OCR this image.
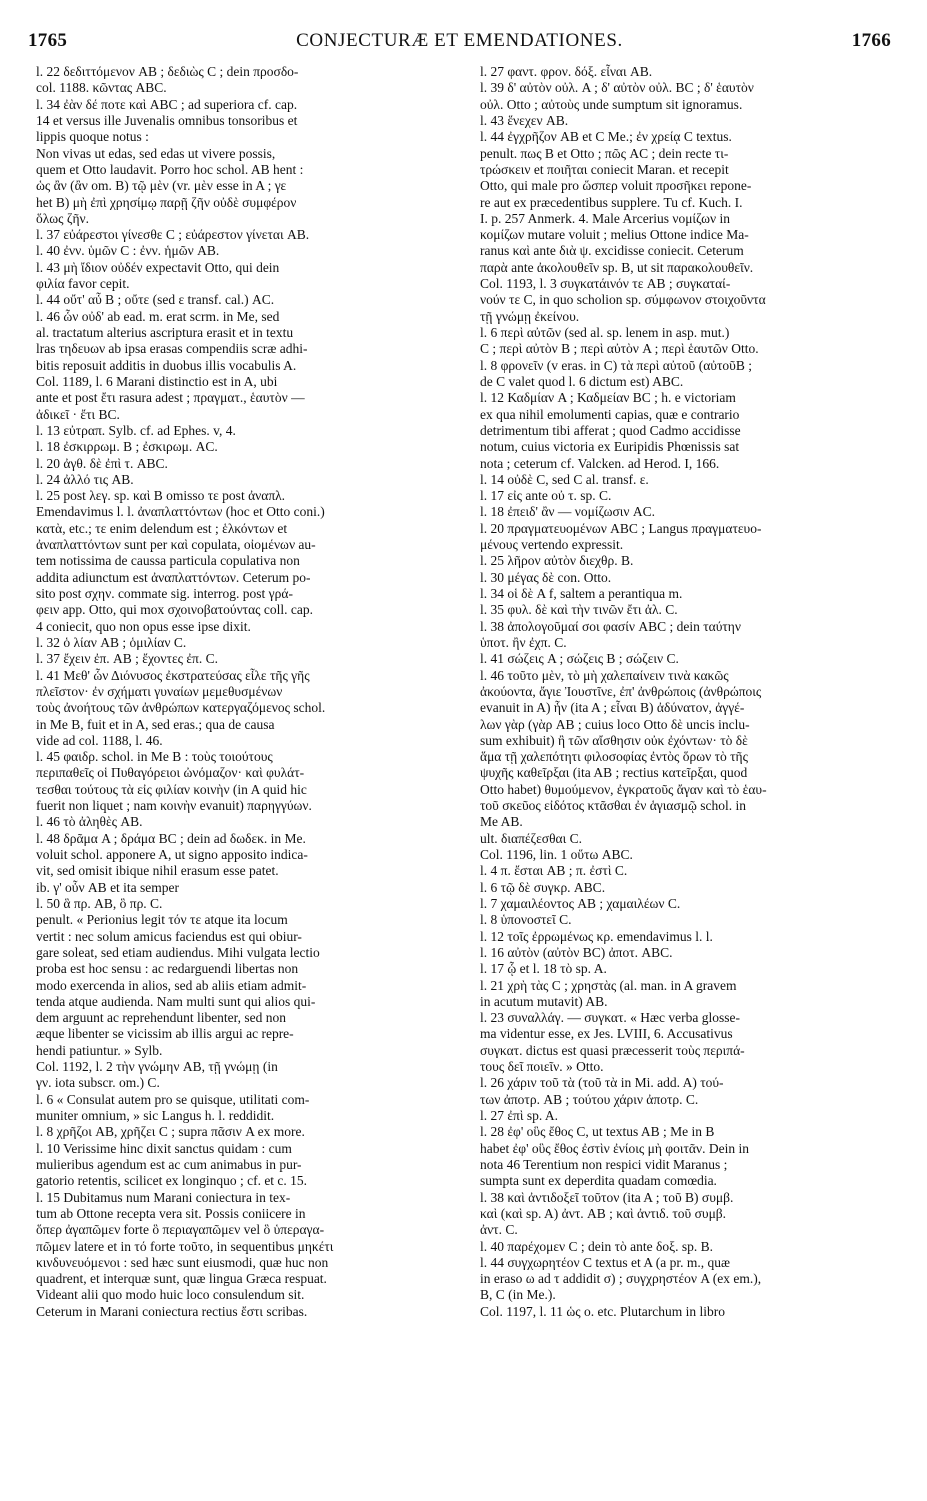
1765	CONJECTURÆ ET EMENDATIONES.	1766
l. 22 δεδιττόμενον AB ; δεδιὼς C ; dein προσδο-
col. 1188. κῶντας ABC.
l. 34 ἐὰν δέ ποτε καὶ ABC ; ad superiora cf. cap.
14 et versus ille Juvenalis omnibus tonsoribus et
lippis quoque notus :
Non vivas ut edas, sed edas ut vivere possis,
quem et Otto laudavit. Porro hoc schol. AB hent :
ὡς ἂν (ἂν om. B) τῷ μὲν (vr. μὲν esse in A ; γε
het B) μὴ ἐπὶ χρησίμῳ παρῇ ζῆν οὐδὲ συμφέρον
ὅλως ζῆν.
l. 37 εὐάρεστοι γίνεσθε C ; εὐάρεστον γίνεται AB.
l. 40 ἐνν. ὑμῶν C : ἐνν. ἡμῶν AB.
l. 43 μὴ ἴδιον οὐδέν expectavit Otto, qui dein
φιλία favor cepit.
l. 44 οὔτ' αὖ B ; οὔτε (sed ε transf. cal.) AC.
l. 46 ὧν οὐδ' ab ead. m. erat scrm. in Me, sed
al. tractatum alterius ascriptura erasit et in textu
lras τηδευων ab ipsa erasas compendiis scræ adhi-
bitis reposuit additis in duobus illis vocabulis A.
Col. 1189, l. 6 Marani distinctio est in A, ubi
ante et post ἔτι rasura adest ; πραγματ., ἑαυτὸν —
ἀδικεῖ · ἔτι BC.
l. 13 εὐτραπ. Sylb. cf. ad Ephes. v, 4.
l. 18 ἐσκιρρωμ. B ; ἐσκιρωμ. AC.
l. 20 ἀγθ. δὲ ἐπὶ τ. ABC.
l. 24 ἀλλό τις AB.
l. 25 post λεγ. sp. καὶ B omisso τε post ἀναπλ.
Emendavimus l. l. ἀναπλαττόντων (hoc et Otto coni.)
κατὰ, etc.; τε enim delendum est ; ἑλκόντων et
ἀναπλαττόντων sunt per καὶ copulata, οἰομένων au-
tem notissima de caussa particula copulativa non
addita adiunctum est ἀναπλαττόντων. Ceterum po-
sito post σχην. commate sig. interrog. post γρά-
φειν app. Otto, qui mox σχοινοβατούντας coll. cap.
4 coniecit, quo non opus esse ipse dixit.
l. 32 ὁ λίαν AB ; ὁμιλίαν C.
l. 37 ἔχειν ἐπ. AB ; ἔχοντες ἐπ. C.
l. 41 Μεθ' ὧν Διόνυσος ἐκστρατεύσας εἷλε τῆς γῆς
πλεῖστον· ἐν σχήματι γυναίων μεμεθυσμένων
τοὺς ἀνοήτους τῶν ἀνθρώπων κατεργαζόμενος schol.
in Me B, fuit et in A, sed eras.; qua de causa
vide ad col. 1188, l. 46.
l. 45 φαιδρ. schol. in Me B : τοὺς τοιούτους
περιπαθεῖς οἱ Πυθαγόρειοι ὠνόμαζον· καὶ φυλάτ-
τεσθαι τούτους τὰ εἰς φιλίαν κοινὴν (in A quid hic
fuerit non liquet ; nam κοινὴν evanuit) παρηγγύων.
l. 46 τὸ ἀληθὲς AB.
l. 48 δρᾶμα A ; δράμα BC ; dein ad δωδεκ. in Me.
voluit schol. apponere A, ut signo apposito indica-
vit, sed omisit ibique nihil erasum esse patet.
ib. γ' οὖν AB et ita semper
l. 50 ἃ πρ. AB, ὃ πρ. C.
penult. « Perionius legit τόν τε atque ita locum
vertit : nec solum amicus faciendus est qui obiur-
gare soleat, sed etiam audiendus. Mihi vulgata lectio
proba est hoc sensu : ac redarguendi libertas non
modo exercenda in alios, sed ab aliis etiam admit-
tenda atque audienda. Nam multi sunt qui alios qui-
dem arguunt ac reprehendunt libenter, sed non
æque libenter se vicissim ab illis argui ac repre-
hendi patiuntur. » Sylb.
Col. 1192, l. 2 τὴν γνώμην AB, τῇ γνώμῃ (in
γν. iota subscr. om.) C.
l. 6 « Consulat autem pro se quisque, utilitati com-
muniter omnium, » sic Langus h. l. reddidit.
l. 8 χρῆζοι AB, χρῆζει C ; supra πᾶσιν A ex more.
l. 10 Verissime hinc dixit sanctus quidam : cum
mulieribus agendum est ac cum animabus in pur-
gatorio retentis, scilicet ex longinquo ; cf. et c. 15.
l. 15 Dubitamus num Marani coniectura in tex-
tum ab Ottone recepta vera sit. Possis coniicere in
ὅπερ ἀγαπῶμεν forte ὃ περιαγαπῶμεν vel ὃ ὑπεραγα-
πῶμεν latere et in τό forte τοῦτο, in sequentibus μηκέτι
κινδυνευόμενοι : sed hæc sunt eiusmodi, quæ huc non
quadrent, et interquæ sunt, quæ lingua Græca respuat.
Videant alii quo modo huic loco consulendum sit.
Ceterum in Marani coniectura rectius ἔστι scribas.
l. 27 φαντ. φρον. δόξ. εἶναι AB.
l. 39 δ' αὐτὸν οὐλ. A ; δ' αὐτὸν οὐλ. BC ; δ' ἑαυτὸν
οὐλ. Otto ; αὐτοὺς unde sumptum sit ignoramus.
l. 43 ἕνεχεν AB.
l. 44 ἐγχρῆζον AB et C Me.; ἐν χρείᾳ C textus.
penult. πως B et Otto ; πῶς AC ; dein recte τι-
τρώσκειν et ποιῆται coniecit Maran. et recepit
Otto, qui male pro ὥσπερ voluit προσῆκει repone-
re aut ex præcedentibus supplere. Tu cf. Kuch. I.
I. p. 257 Anmerk. 4. Male Arcerius νομίζων in
κομίζων mutare voluit ; melius Ottone indice Ma-
ranus καὶ ante διὰ ψ. excidisse coniecit. Ceterum
παρὰ ante ἀκολουθεῖν sp. B, ut sit παρακολουθεῖν.
Col. 1193, l. 3 συγκατάινόν τε AB ; συγκαταί-
νούν τε C, in quo scholion sp. σύμφωνον στοιχοῦντα
τῇ γνώμῃ ἐκείνου.
l. 6 περὶ αὐτῶν (sed al. sp. lenem in asp. mut.)
C ; περὶ αὐτὸν B ; περὶ αὐτὸν A ; περὶ ἑαυτῶν Otto.
l. 8 φρονεῖν (v eras. in C) τὰ περὶ αὐτοῦ (αὐτοῦB ;
de C valet quod l. 6 dictum est) ABC.
l. 12 Καδμίαν A ; Καδμείαν BC ; h. e victoriam
ex qua nihil emolumenti capias, quæ e contrario
detrimentum tibi afferat ; quod Cadmo accidisse
notum, cuius victoria ex Euripidis Phœnissis sat
nota ; ceterum cf. Valcken. ad Herod. I, 166.
l. 14 οὐδὲ C, sed C al. transf. ε.
l. 17 εἰς ante οὐ τ. sp. C.
l. 18 ἐπειδ' ἂν — νομίζωσιν AC.
l. 20 πραγματευομένων ABC ; Langus πραγματευο-
μένους vertendo expressit.
l. 25 λῆρον αὐτὸν διεχθρ. B.
l. 30 μέγας δὲ con. Otto.
l. 34 οἱ δὲ A f, saltem a perantiqua m.
l. 35 φυλ. δὲ καὶ τὴν τινῶν ἔτι ἀλ. C.
l. 38 ἀπολογοῦμαί σοι φασίν ABC ; dein ταύτην
ὑποτ. ἢν ἐχπ. C.
l. 41 σώζεις A ; σώζεις B ; σώζειν C.
l. 46 τοῦτο μὲν, τὸ μὴ χαλεπαίνειν τινὰ κακῶς
ἀκούοντα, ἄγιε Ἰουστῖνε, ἐπ' ἀνθρώποις (ἀνθρώποις
evanuit in A) ἦν (ita A ; εἶναι B) ἀδύνατον, ἀγγέ-
λων γὰρ (γὰρ AB ; cuius loco Otto δὲ uncis inclu-
sum exhibuit) ἢ τῶν αἴσθησιν οὐκ ἐχόντων· τὸ δὲ
ἅμα τῇ χαλεπότητι φιλοσοφίας ἐντὸς ὅρων τὸ τῆς
ψυχῆς καθεῖρξαι (ita AB ; rectius κατεῖρξαι, quod
Otto habet) θυμούμενον, ἐγκρατοῦς ἄγαν καὶ τὸ ἑαυ-
τοῦ σκεῦος εἰδότος κτᾶσθαι ἐν ἁγιασμῷ schol. in
Me AB.
ult. διαπέζεσθαι C.
Col. 1196, lin. 1 οὕτω ABC.
l. 4 π. ἔσται AB ; π. ἐστὶ C.
l. 6 τῷ δὲ συγκρ. ABC.
l. 7 χαμαιλέοντος AB ; χαμαιλέων C.
l. 8 ὑπονοστεῖ C.
l. 12 τοῖς ἐρρωμένως κρ. emendavimus l. l.
l. 16 αὐτὸν (αὐτὸν BC) ἀποτ. ABC.
l. 17 ᾧ et l. 18 τὸ sp. A.
l. 21 χρὴ τὰς C ; χρηστὰς (al. man. in A gravem
in acutum mutavit) AB.
l. 23 συναλλάγ. — συγκατ. « Hæc verba glosse-
ma videntur esse, ex Jes. LVIII, 6. Accusativus
συγκατ. dictus est quasi præcesserit τοὺς περιπά-
τους δεῖ ποιεῖν. » Otto.
l. 26 χάριν τοῦ τὰ (τοῦ τὰ in Mi. add. A) τού-
των ἀποτρ. AB ; τούτου χάριν ἀποτρ. C.
l. 27 ἐπὶ sp. A.
l. 28 ἐφ' οὓς ἔθος C, ut textus AB ; Me in B
habet ἐφ' οὓς ἔθος ἐστὶν ἐνίοις μὴ φοιτᾶν. Dein in
nota 46 Terentium non respici vidit Maranus ;
sumpta sunt ex deperdita quadam comœdia.
l. 38 καὶ ἀντιδοξεῖ τοῦτον (ita A ; τοῦ B) συμβ.
καὶ (καὶ sp. A) ἀντ. AB ; καὶ ἀντιδ. τοῦ συμβ.
ἀντ. C.
l. 40 παρέχομεν C ; dein τὸ ante δοξ. sp. B.
l. 44 συγχωρητέον C textus et A (a pr. m., quæ
in eraso ω ad τ addidit σ) ; συγχρηστέον A (ex em.),
B, C (in Me.).
Col. 1197, l. 11 ὡς ο. etc. Plutarchum in libro
